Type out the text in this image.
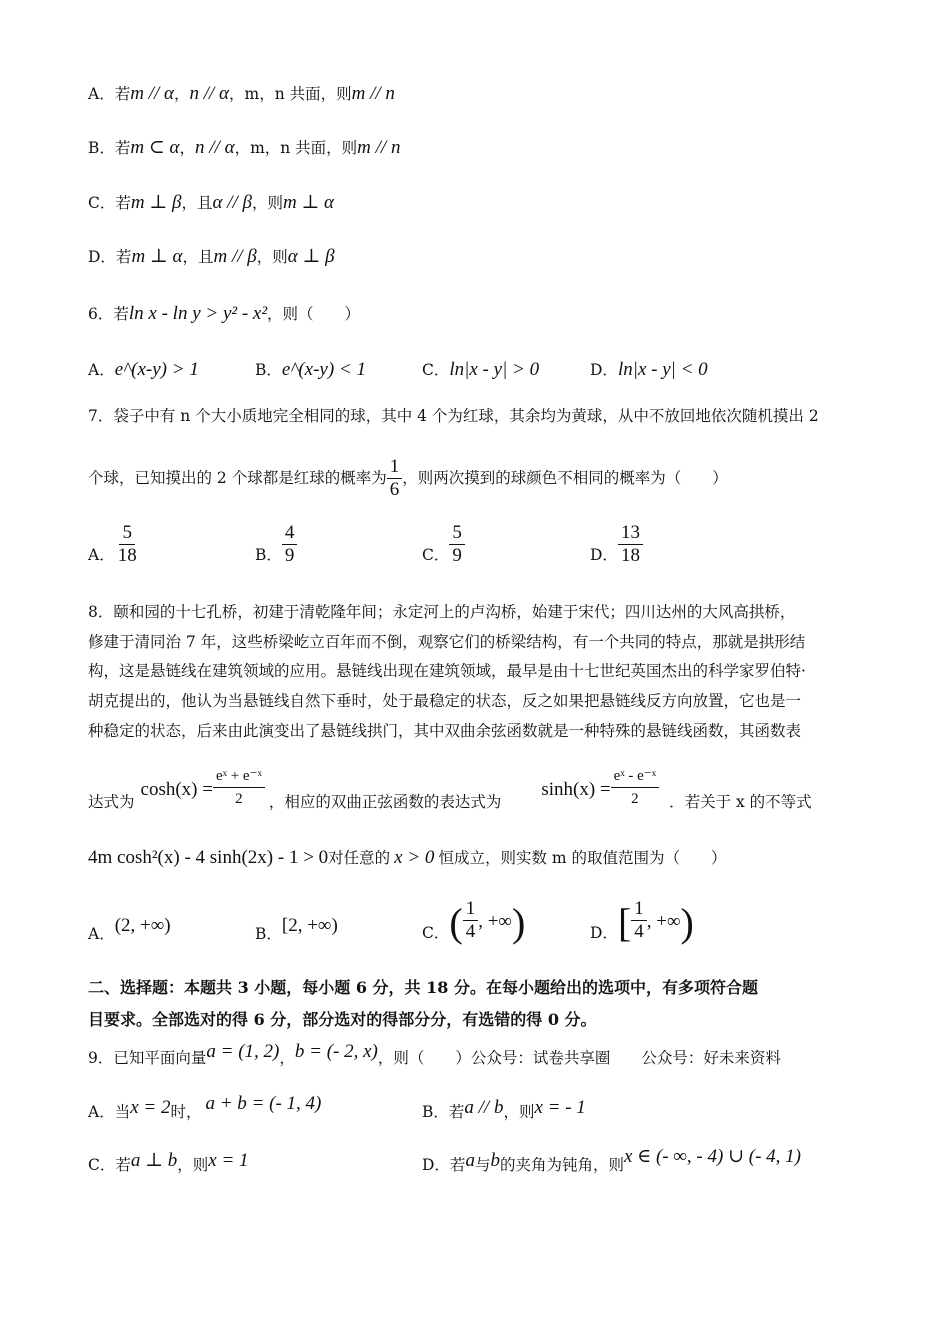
A．若m // α，n // α，m，n 共面，则m // n
B．若m ⊂ α，n // α，m，n 共面，则m // n
C．若m ⊥ β，且α // β，则m ⊥ α
D．若m ⊥ α，且m // β，则α ⊥ β
6．若ln x - ln y > y² - x²，则（　　）
A．e^(x-y) > 1	B．e^(x-y) < 1	C．ln|x - y| > 0	D．ln|x - y| < 0
7．袋子中有 n 个大小质地完全相同的球，其中 4 个为红球，其余均为黄球，从中不放回地依次随机摸出 2
个球，已知摸出的 2 个球都是红球的概率为 $\frac{1}{6}$ ，则两次摸到的球颜色不相同的概率为（　　）
A． $\frac{5}{18}$	B． $\frac{4}{9}$	C． $\frac{5}{9}$	D． $\frac{13}{18}$
8．颐和园的十七孔桥，初建于清乾隆年间；永定河上的卢沟桥，始建于宋代；四川达州的大风高拱桥，
修建于清同治 7 年，这些桥梁屹立百年而不倒，观察它们的桥梁结构，有一个共同的特点，那就是拱形结
构，这是悬链线在建筑领域的应用。悬链线出现在建筑领域，最早是由十七世纪英国杰出的科学家罗伯特·
胡克提出的，他认为当悬链线自然下垂时，处于最稳定的状态，反之如果把悬链线反方向放置，它也是一
种稳定的状态，后来由此演变出了悬链线拱门，其中双曲余弦函数就是一种特殊的悬链线函数，其函数表
达式为
$\cosh(x) = \frac{\text{eˣ + e⁻ˣ}}{2}$ ，相应的双曲正弦函数的表达式为
$\sinh(x) = \frac{\text{eˣ - e⁻ˣ}}{2}$ ．若关于 x 的不等式
4m cosh²(x) - 4 sinh(2x) - 1 > 0对任意的 x > 0 恒成立，则实数 m 的取值范围为（　　）
A．(2, +∞)	B．[2, +∞)	C． ( $\frac{1}{4}$ , +∞ )	D． [ $\frac{1}{4}$ , +∞ )
二、选择题：本题共 3 小题，每小题 6 分，共 18 分。在每小题给出的选项中，有多项符合题
目要求。全部选对的得 6 分，部分选对的得部分分，有选错的得 0 分。
9．已知平面向量a = (1, 2)，b = (- 2, x)，则（　　）公众号：试卷共享圈　　公众号：好未来资料
A．当x = 2时， a + b = (- 1, 4)	B．若a // b，则x = - 1
C．若a ⊥ b，则x = 1	D．若a与b的夹角为钝角，则x ∈ (- ∞, - 4) ∪ (- 4, 1)
